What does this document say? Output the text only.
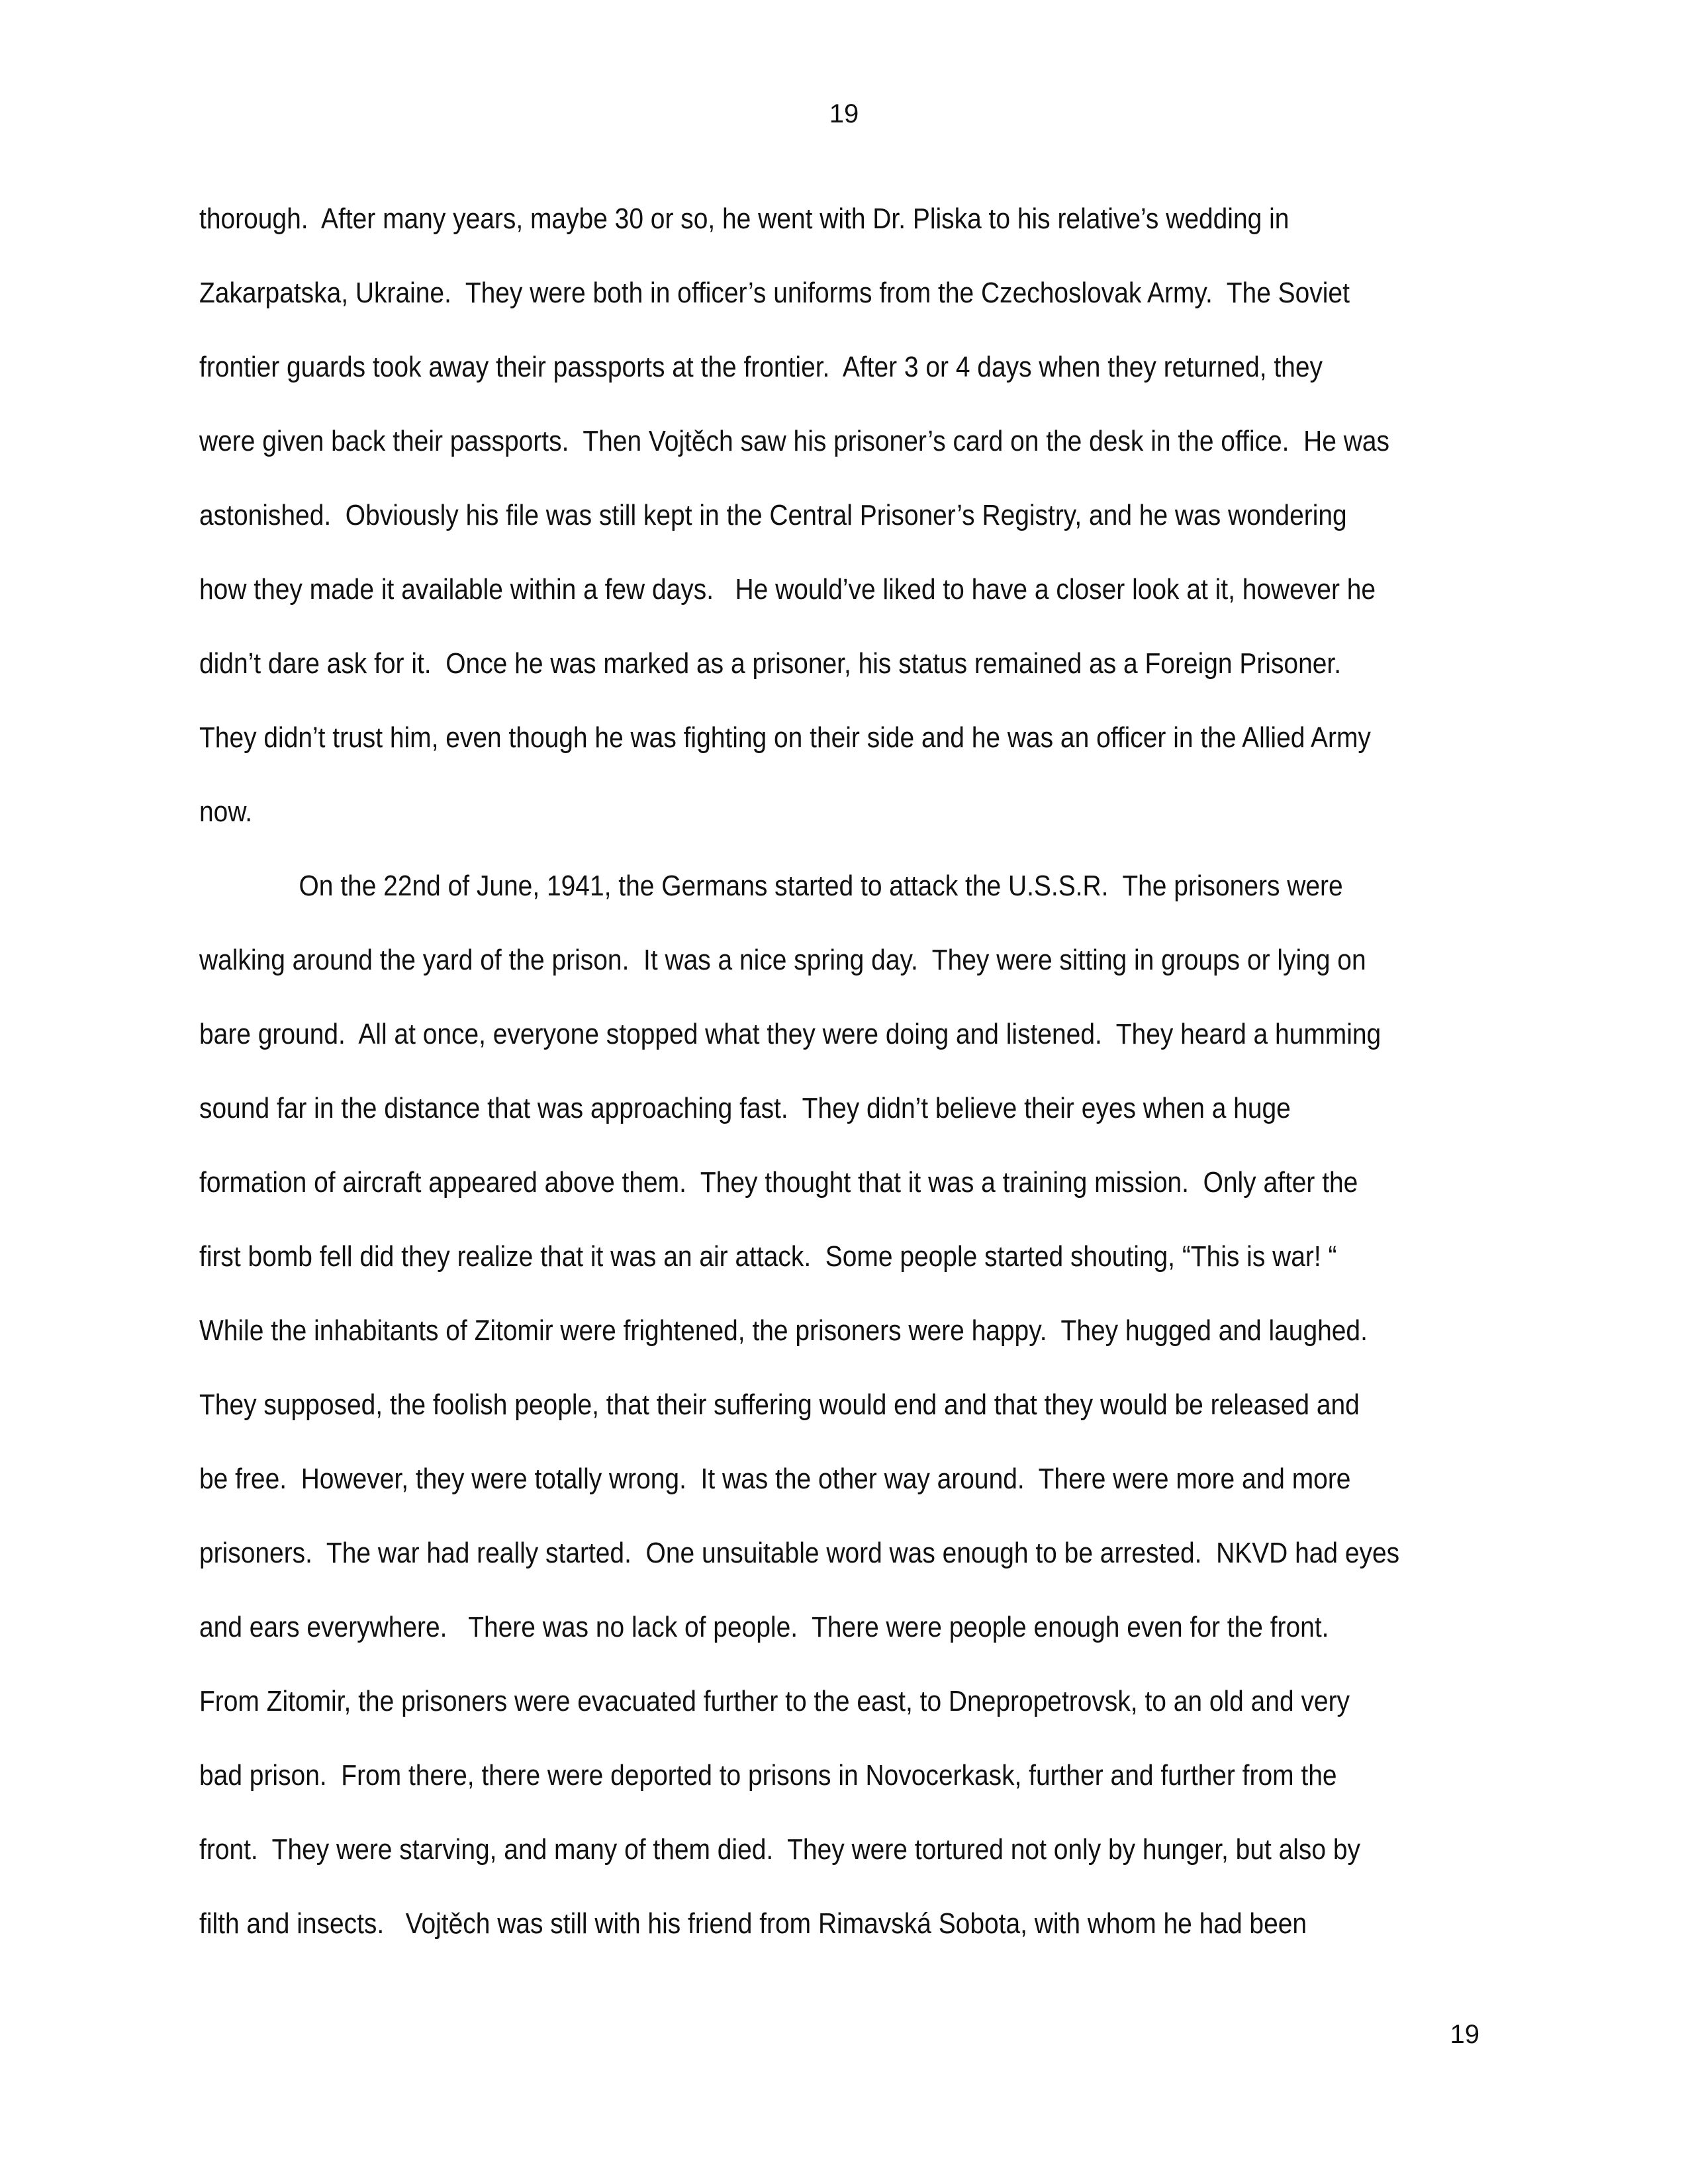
19
thorough.  After many years, maybe 30 or so, he went with Dr. Pliska to his relative’s wedding in
Zakarpatska, Ukraine.  They were both in officer’s uniforms from the Czechoslovak Army.  The Soviet
frontier guards took away their passports at the frontier.  After 3 or 4 days when they returned, they
were given back their passports.  Then Vojtěch saw his prisoner’s card on the desk in the office.  He was
astonished.  Obviously his file was still kept in the Central Prisoner’s Registry, and he was wondering
how they made it available within a few days.   He would’ve liked to have a closer look at it, however he
didn’t dare ask for it.  Once he was marked as a prisoner, his status remained as a Foreign Prisoner.
They didn’t trust him, even though he was fighting on their side and he was an officer in the Allied Army
now.
On the 22nd of June, 1941, the Germans started to attack the U.S.S.R.  The prisoners were
walking around the yard of the prison.  It was a nice spring day.  They were sitting in groups or lying on
bare ground.  All at once, everyone stopped what they were doing and listened.  They heard a humming
sound far in the distance that was approaching fast.  They didn’t believe their eyes when a huge
formation of aircraft appeared above them.  They thought that it was a training mission.  Only after the
first bomb fell did they realize that it was an air attack.  Some people started shouting, “This is war! “
While the inhabitants of Zitomir were frightened, the prisoners were happy.  They hugged and laughed.
They supposed, the foolish people, that their suffering would end and that they would be released and
be free.  However, they were totally wrong.  It was the other way around.  There were more and more
prisoners.  The war had really started.  One unsuitable word was enough to be arrested.  NKVD had eyes
and ears everywhere.   There was no lack of people.  There were people enough even for the front.
From Zitomir, the prisoners were evacuated further to the east, to Dnepropetrovsk, to an old and very
bad prison.  From there, there were deported to prisons in Novocerkask, further and further from the
front.  They were starving, and many of them died.  They were tortured not only by hunger, but also by
filth and insects.   Vojtěch was still with his friend from Rimavská Sobota, with whom he had been
19
